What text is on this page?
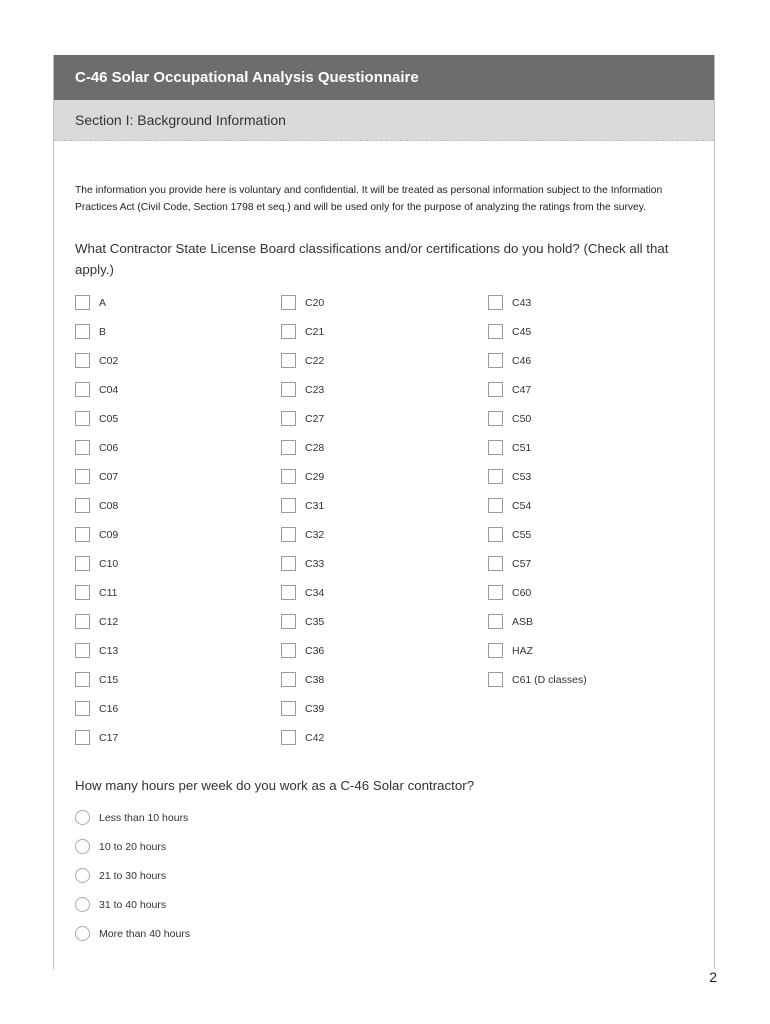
C-46 Solar Occupational Analysis Questionnaire
Section I: Background Information
The information you provide here is voluntary and confidential. It will be treated as personal information subject to the Information Practices Act (Civil Code, Section 1798 et seq.) and will be used only for the purpose of analyzing the ratings from the survey.
What Contractor State License Board classifications and/or certifications do you hold? (Check all that apply.)
A
B
C02
C04
C05
C06
C07
C08
C09
C10
C11
C12
C13
C15
C16
C17
C20
C21
C22
C23
C27
C28
C29
C31
C32
C33
C34
C35
C36
C38
C39
C42
C43
C45
C46
C47
C50
C51
C53
C54
C55
C57
C60
ASB
HAZ
C61 (D classes)
How many hours per week do you work as a C-46 Solar contractor?
Less than 10 hours
10 to 20 hours
21 to 30 hours
31 to 40 hours
More than 40 hours
2
